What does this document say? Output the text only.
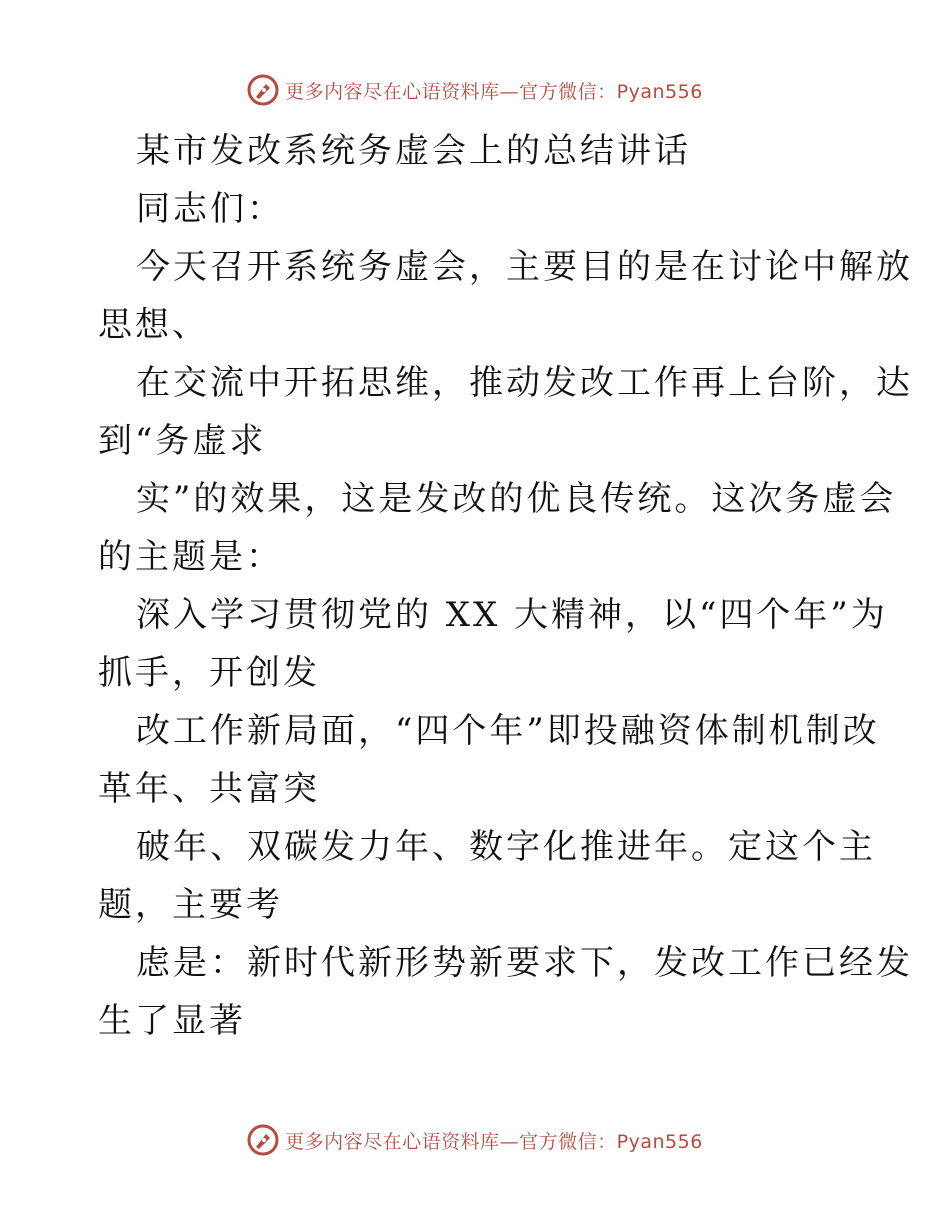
更多内容尽在心语资料库—官方微信：Pyan556
某市发改系统务虚会上的总结讲话
同志们：
今天召开系统务虚会，主要目的是在讨论中解放
思想、
在交流中开拓思维，推动发改工作再上台阶，达
到“务虚求
实”的效果，这是发改的优良传统。这次务虚会
的主题是：
深入学习贯彻党的 XX 大精神，以“四个年”为
抓手，开创发
改工作新局面，“四个年”即投融资体制机制改
革年、共富突
破年、双碳发力年、数字化推进年。定这个主
题，主要考
虑是：新时代新形势新要求下，发改工作已经发
生了显著
更多内容尽在心语资料库—官方微信：Pyan556
